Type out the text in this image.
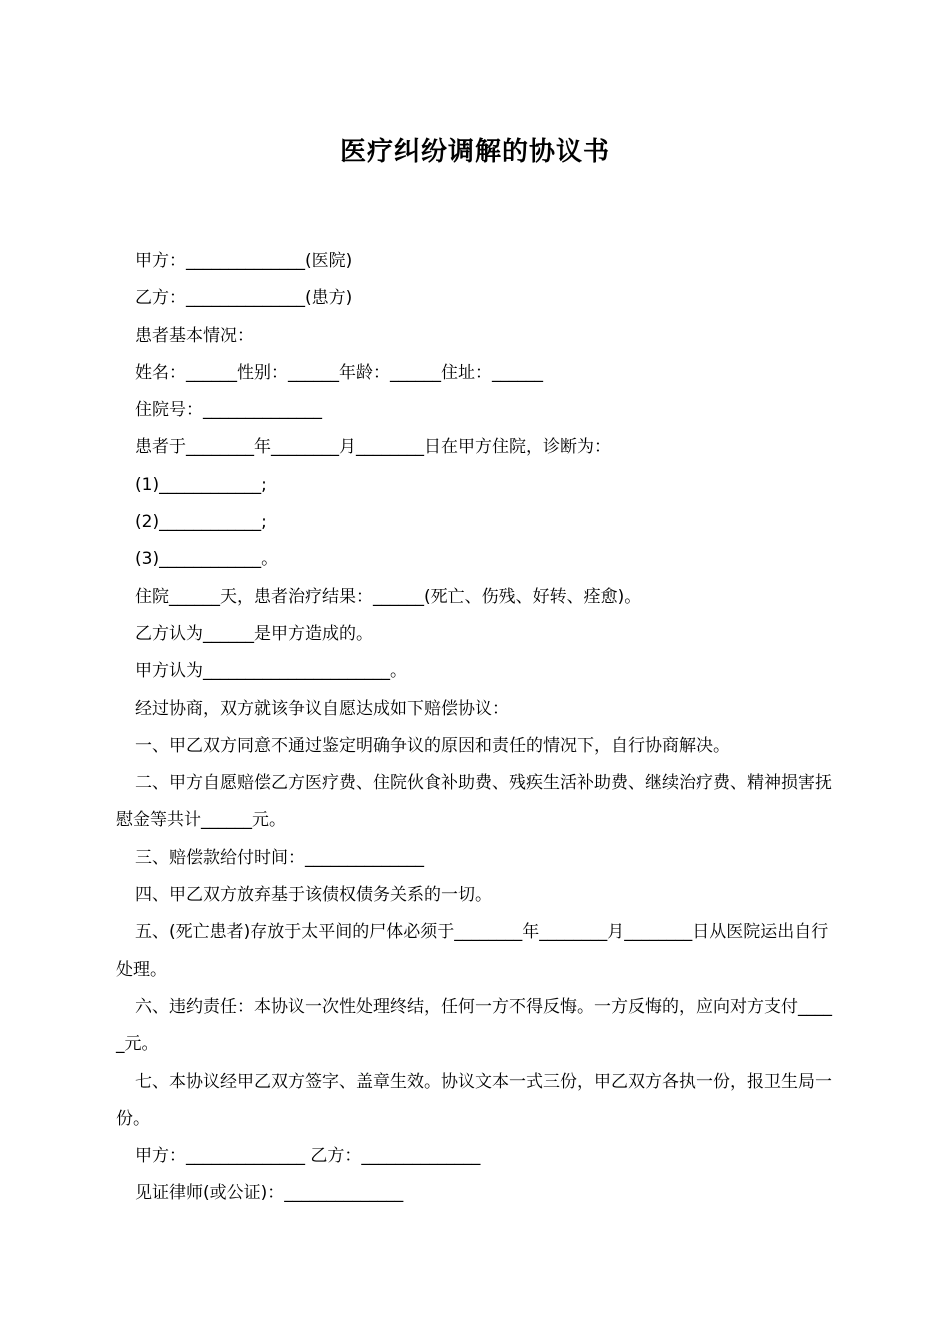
医疗纠纷调解的协议书

甲方：______________(医院)

乙方：______________(患方)

患者基本情况：

姓名：______性别：______年龄：______住址：______

住院号：______________

患者于________年________月________日在甲方住院，诊断为：

(1)____________;

(2)____________;

(3)____________。

住院______天，患者治疗结果：______(死亡、伤残、好转、痊愈)。

乙方认为______是甲方造成的。

甲方认为______________________。

经过协商，双方就该争议自愿达成如下赔偿协议：

一、甲乙双方同意不通过鉴定明确争议的原因和责任的情况下，自行协商解决。

二、甲方自愿赔偿乙方医疗费、住院伙食补助费、残疾生活补助费、继续治疗费、精神损害抚慰金等共计______元。

三、赔偿款给付时间：______________

四、甲乙双方放弃基于该债权债务关系的一切。

五、(死亡患者)存放于太平间的尸体必须于________年________月________日从医院运出自行处理。

六、违约责任：本协议一次性处理终结，任何一方不得反悔。一方反悔的，应向对方支付_____元。

七、本协议经甲乙双方签字、盖章生效。协议文本一式三份，甲乙双方各执一份，报卫生局一份。

甲方：______________ 乙方：______________

见证律师(或公证)：______________
